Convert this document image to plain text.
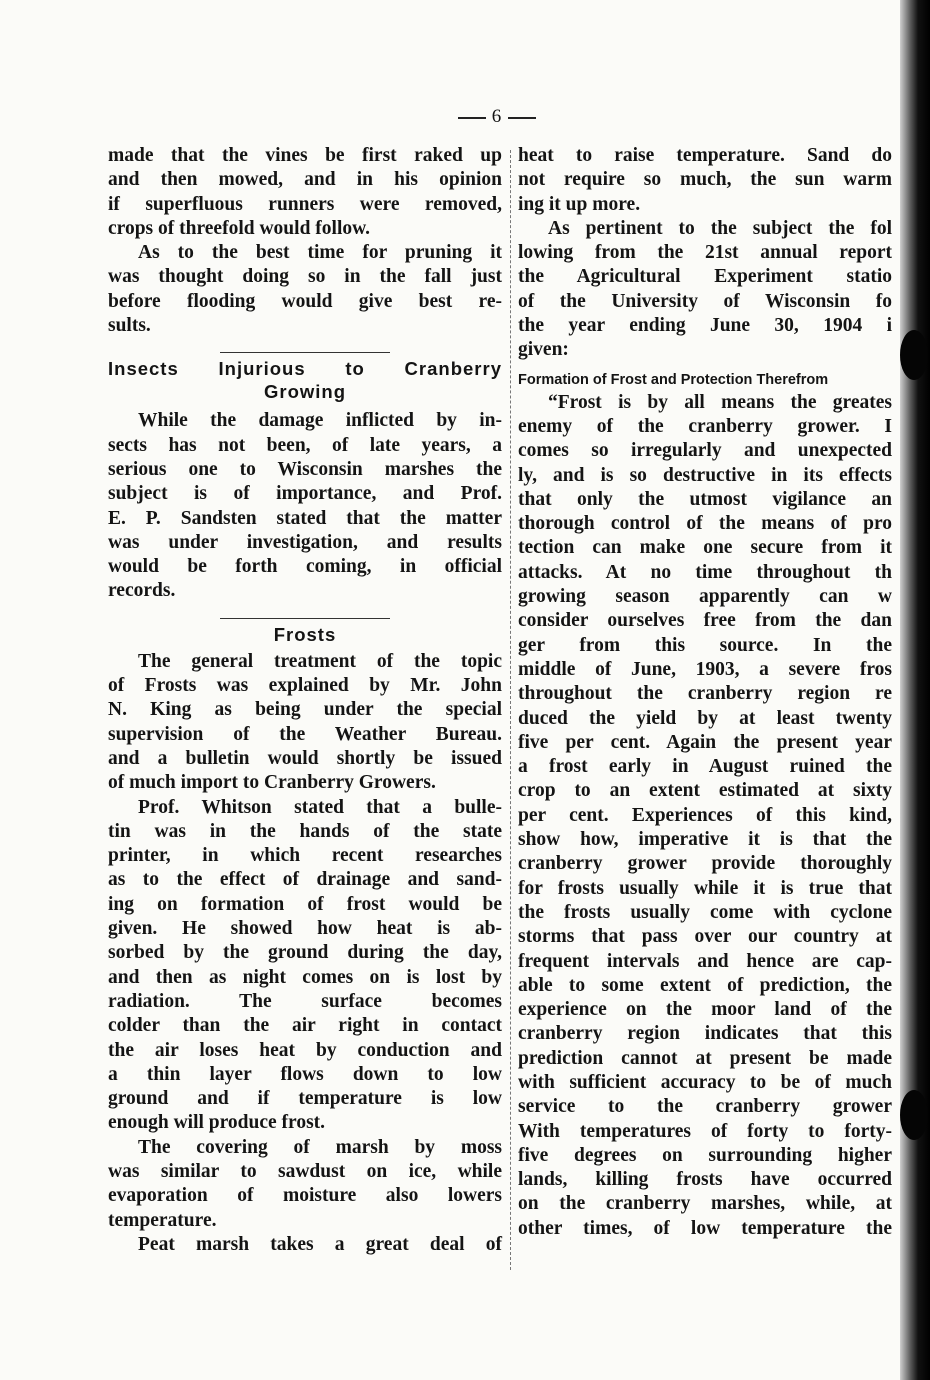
6
made that the vines be first raked up
and then mowed, and in his opinion
if superfluous runners were removed,
crops of threefold would follow.
As to the best time for pruning it
was thought doing so in the fall just
before flooding would give best re-
sults.
Insects Injurious to Cranberry
Growing
While the damage inflicted by in-
sects has not been, of late years, a
serious one to Wisconsin marshes the
subject is of importance, and Prof.
E. P. Sandsten stated that the matter
was under investigation, and results
would be forth coming, in official
records.
Frosts
The general treatment of the topic
of Frosts was explained by Mr. John
N. King as being under the special
supervision of the Weather Bureau.
and a bulletin would shortly be issued
of much import to Cranberry Growers.
Prof. Whitson stated that a bulle-
tin was in the hands of the state
printer, in which recent researches
as to the effect of drainage and sand-
ing on formation of frost would be
given. He showed how heat is ab-
sorbed by the ground during the day,
and then as night comes on is lost by
radiation. The surface becomes
colder than the air right in contact
the air loses heat by conduction and
a thin layer flows down to low
ground and if temperature is low
enough will produce frost.
The covering of marsh by moss
was similar to sawdust on ice, while
evaporation of moisture also lowers
temperature.
Peat marsh takes a great deal of
heat to raise temperature. Sand do
not require so much, the sun warm
ing it up more.
As pertinent to the subject the fol
lowing from the 21st annual report
the Agricultural Experiment statio
of the University of Wisconsin fo
the year ending June 30, 1904 i
given:
Formation of Frost and Protection Therefrom
“Frost is by all means the greates
enemy of the cranberry grower. I
comes so irregularly and unexpected
ly, and is so destructive in its effects
that only the utmost vigilance an
thorough control of the means of pro
tection can make one secure from it
attacks. At no time throughout th
growing season apparently can w
consider ourselves free from the dan
ger from this source. In the
middle of June, 1903, a severe fros
throughout the cranberry region re
duced the yield by at least twenty
five per cent. Again the present year
a frost early in August ruined the
crop to an extent estimated at sixty
per cent. Experiences of this kind,
show how, imperative it is that the
cranberry grower provide thoroughly
for frosts usually while it is true that
the frosts usually come with cyclone
storms that pass over our country at
frequent intervals and hence are cap-
able to some extent of prediction, the
experience on the moor land of the
cranberry region indicates that this
prediction cannot at present be made
with sufficient accuracy to be of much
service to the cranberry grower
With temperatures of forty to forty-
five degrees on surrounding higher
lands, killing frosts have occurred
on the cranberry marshes, while, at
other times, of low temperature the
